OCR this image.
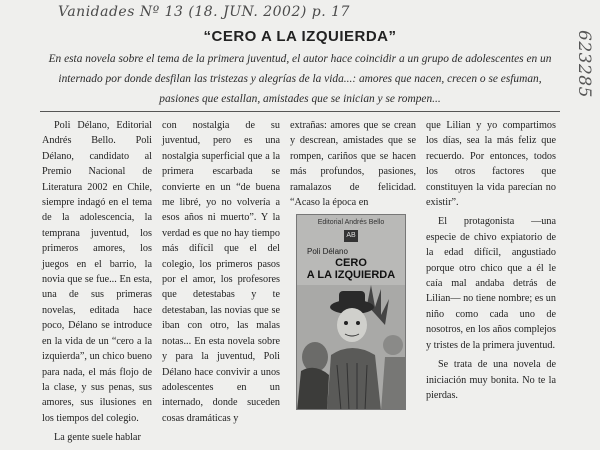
Vanidades Nº 13 (18. JUN. 2002) p. 17
623285
“CERO A LA IZQUIERDA”
En esta novela sobre el tema de la primera juventud, el autor hace coincidir a un grupo de adolescentes en un internado por donde desfilan las tristezas y alegrías de la vida...: amores que nacen, crecen o se esfuman, pasiones que estallan, amistades que se inician y se rompen...

Poli Délano, Editorial Andrés Bello. Poli Délano, candidato al Premio Nacional de Literatura 2002 en Chile, siempre indagó en el tema de la adolescencia, la temprana juventud, los primeros amores, los juegos en el barrio, la novia que se fue... En esta, una de sus primeras novelas, editada hace poco, Délano se introduce en la vida de un “cero a la izquierda”, un chico bueno para nada, el más flojo de la clase, y sus penas, sus amores, sus ilusiones en los tiempos del colegio.

La gente suele hablar

con nostalgia de su juventud, pero es una nostalgia superficial que a la primera escarbada se convierte en un “de buena me libré, yo no volvería a esos años ni muerto”. Y la verdad es que no hay tiempo más difícil que el del colegio, los primeros pasos por el amor, los profesores que detestabas y te detestaban, las novias que se iban con otro, las malas notas... En esta novela sobre y para la juventud, Poli Délano hace convivir a unos adolescentes en un internado, donde suceden cosas dramáticas y

extrañas: amores que se crean y descrean, amistades que se rompen, cariños que se hacen más profundos, pasiones, ramalazos de felicidad. “Acaso la época en

que Lilian y yo compartimos los días, sea la más feliz que recuerdo. Por entonces, todos los otros factores que constituyen la vida parecían no existir”.

El protagonista —una especie de chivo expiatorio de la edad difícil, angustiado porque otro chico que a él le caía mal andaba detrás de Lilian— no tiene nombre; es un niño como cada uno de nosotros, en los años complejos y tristes de la primera juventud.

Se trata de una novela de iniciación muy bonita. No te la pierdas.

Editorial Andrés Bello
AB
Poli Délano
CERO
A LA IZQUIERDA
